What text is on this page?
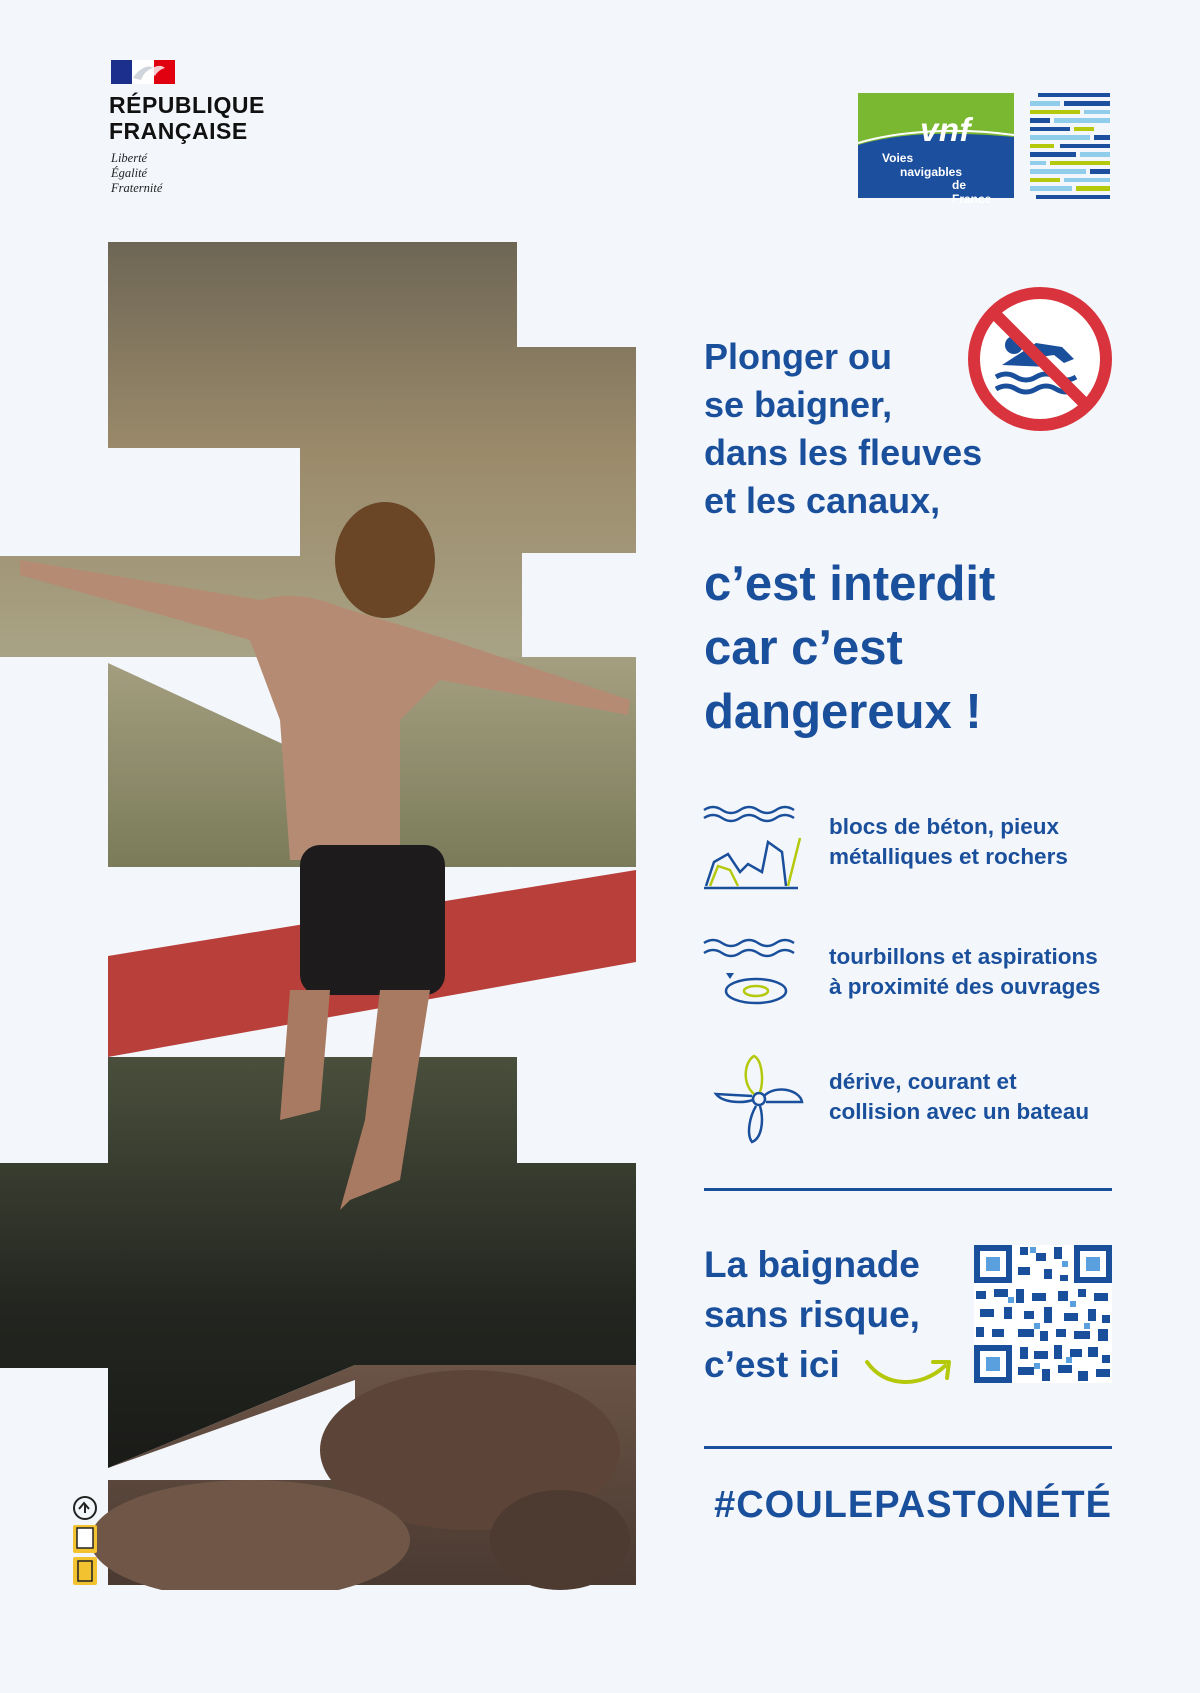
RÉPUBLIQUE
FRANÇAISE
Liberté
Égalité
Fraternité
vnf
Voies
navigables
de France
Plonger ou
se baigner,
dans les fleuves
et les canaux,
c’est interdit
car c’est
dangereux !
blocs de béton, pieux
métalliques et rochers
tourbillons et aspirations
à proximité des ouvrages
dérive, courant et
collision avec un bateau
La baignade
sans risque,
c’est ici
#COULEPASTONÉTÉ
